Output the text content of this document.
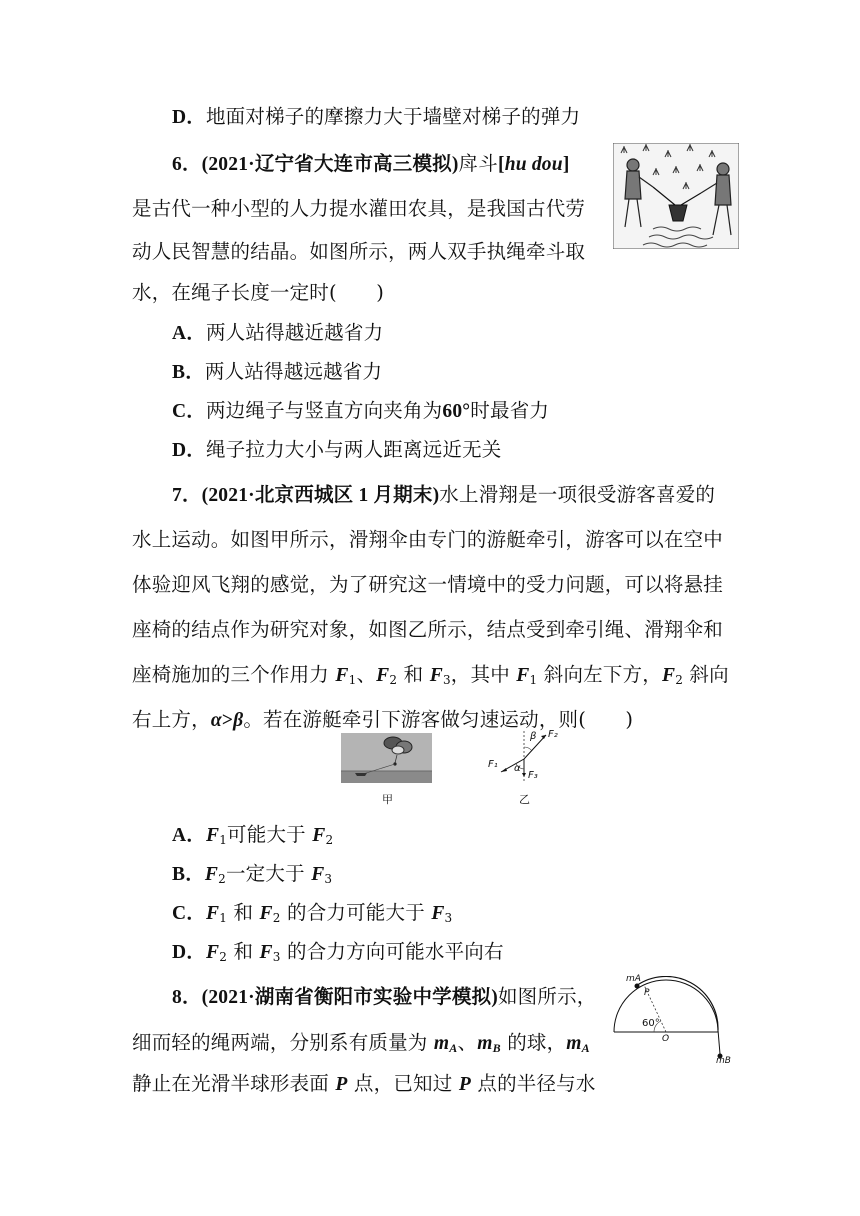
D．地面对梯子的摩擦力大于墙壁对梯子的弹力
6．(2021·辽宁省大连市高三模拟)戽斗[hu dou]
是古代一种小型的人力提水灌田农具，是我国古代劳
动人民智慧的结晶。如图所示，两人双手执绳牵斗取
水，在绳子长度一定时(　　)
A．两人站得越近越省力
B．两人站得越远越省力
C．两边绳子与竖直方向夹角为60°时最省力
D．绳子拉力大小与两人距离远近无关
7．(2021·北京西城区 1 月期末)水上滑翔是一项很受游客喜爱的
水上运动。如图甲所示，滑翔伞由专门的游艇牵引，游客可以在空中
体验迎风飞翔的感觉，为了研究这一情境中的受力问题，可以将悬挂
座椅的结点作为研究对象，如图乙所示，结点受到牵引绳、滑翔伞和
座椅施加的三个作用力 $F_1$、$F_2$ 和 $F_3$，其中 $F_1$ 斜向左下方，$F_2$ 斜向
右上方，α>β。若在游艇牵引下游客做匀速运动，则(　　)
甲
F₂
β
F₁ α
F₃
乙
A．$F_1$可能大于 $F_2$
B．$F_2$一定大于 $F_3$
C．$F_1$ 和 $F_2$ 的合力可能大于 $F_3$
D．$F_2$ 和 $F_3$ 的合力方向可能水平向右
8．(2021·湖南省衡阳市实验中学模拟)如图所示，
细而轻的绳两端，分别系有质量为 $m_A$、$m_B$ 的球，$m_A$
静止在光滑半球形表面 P 点，已知过 P 点的半径与水
mA
P
60°
O
mB
